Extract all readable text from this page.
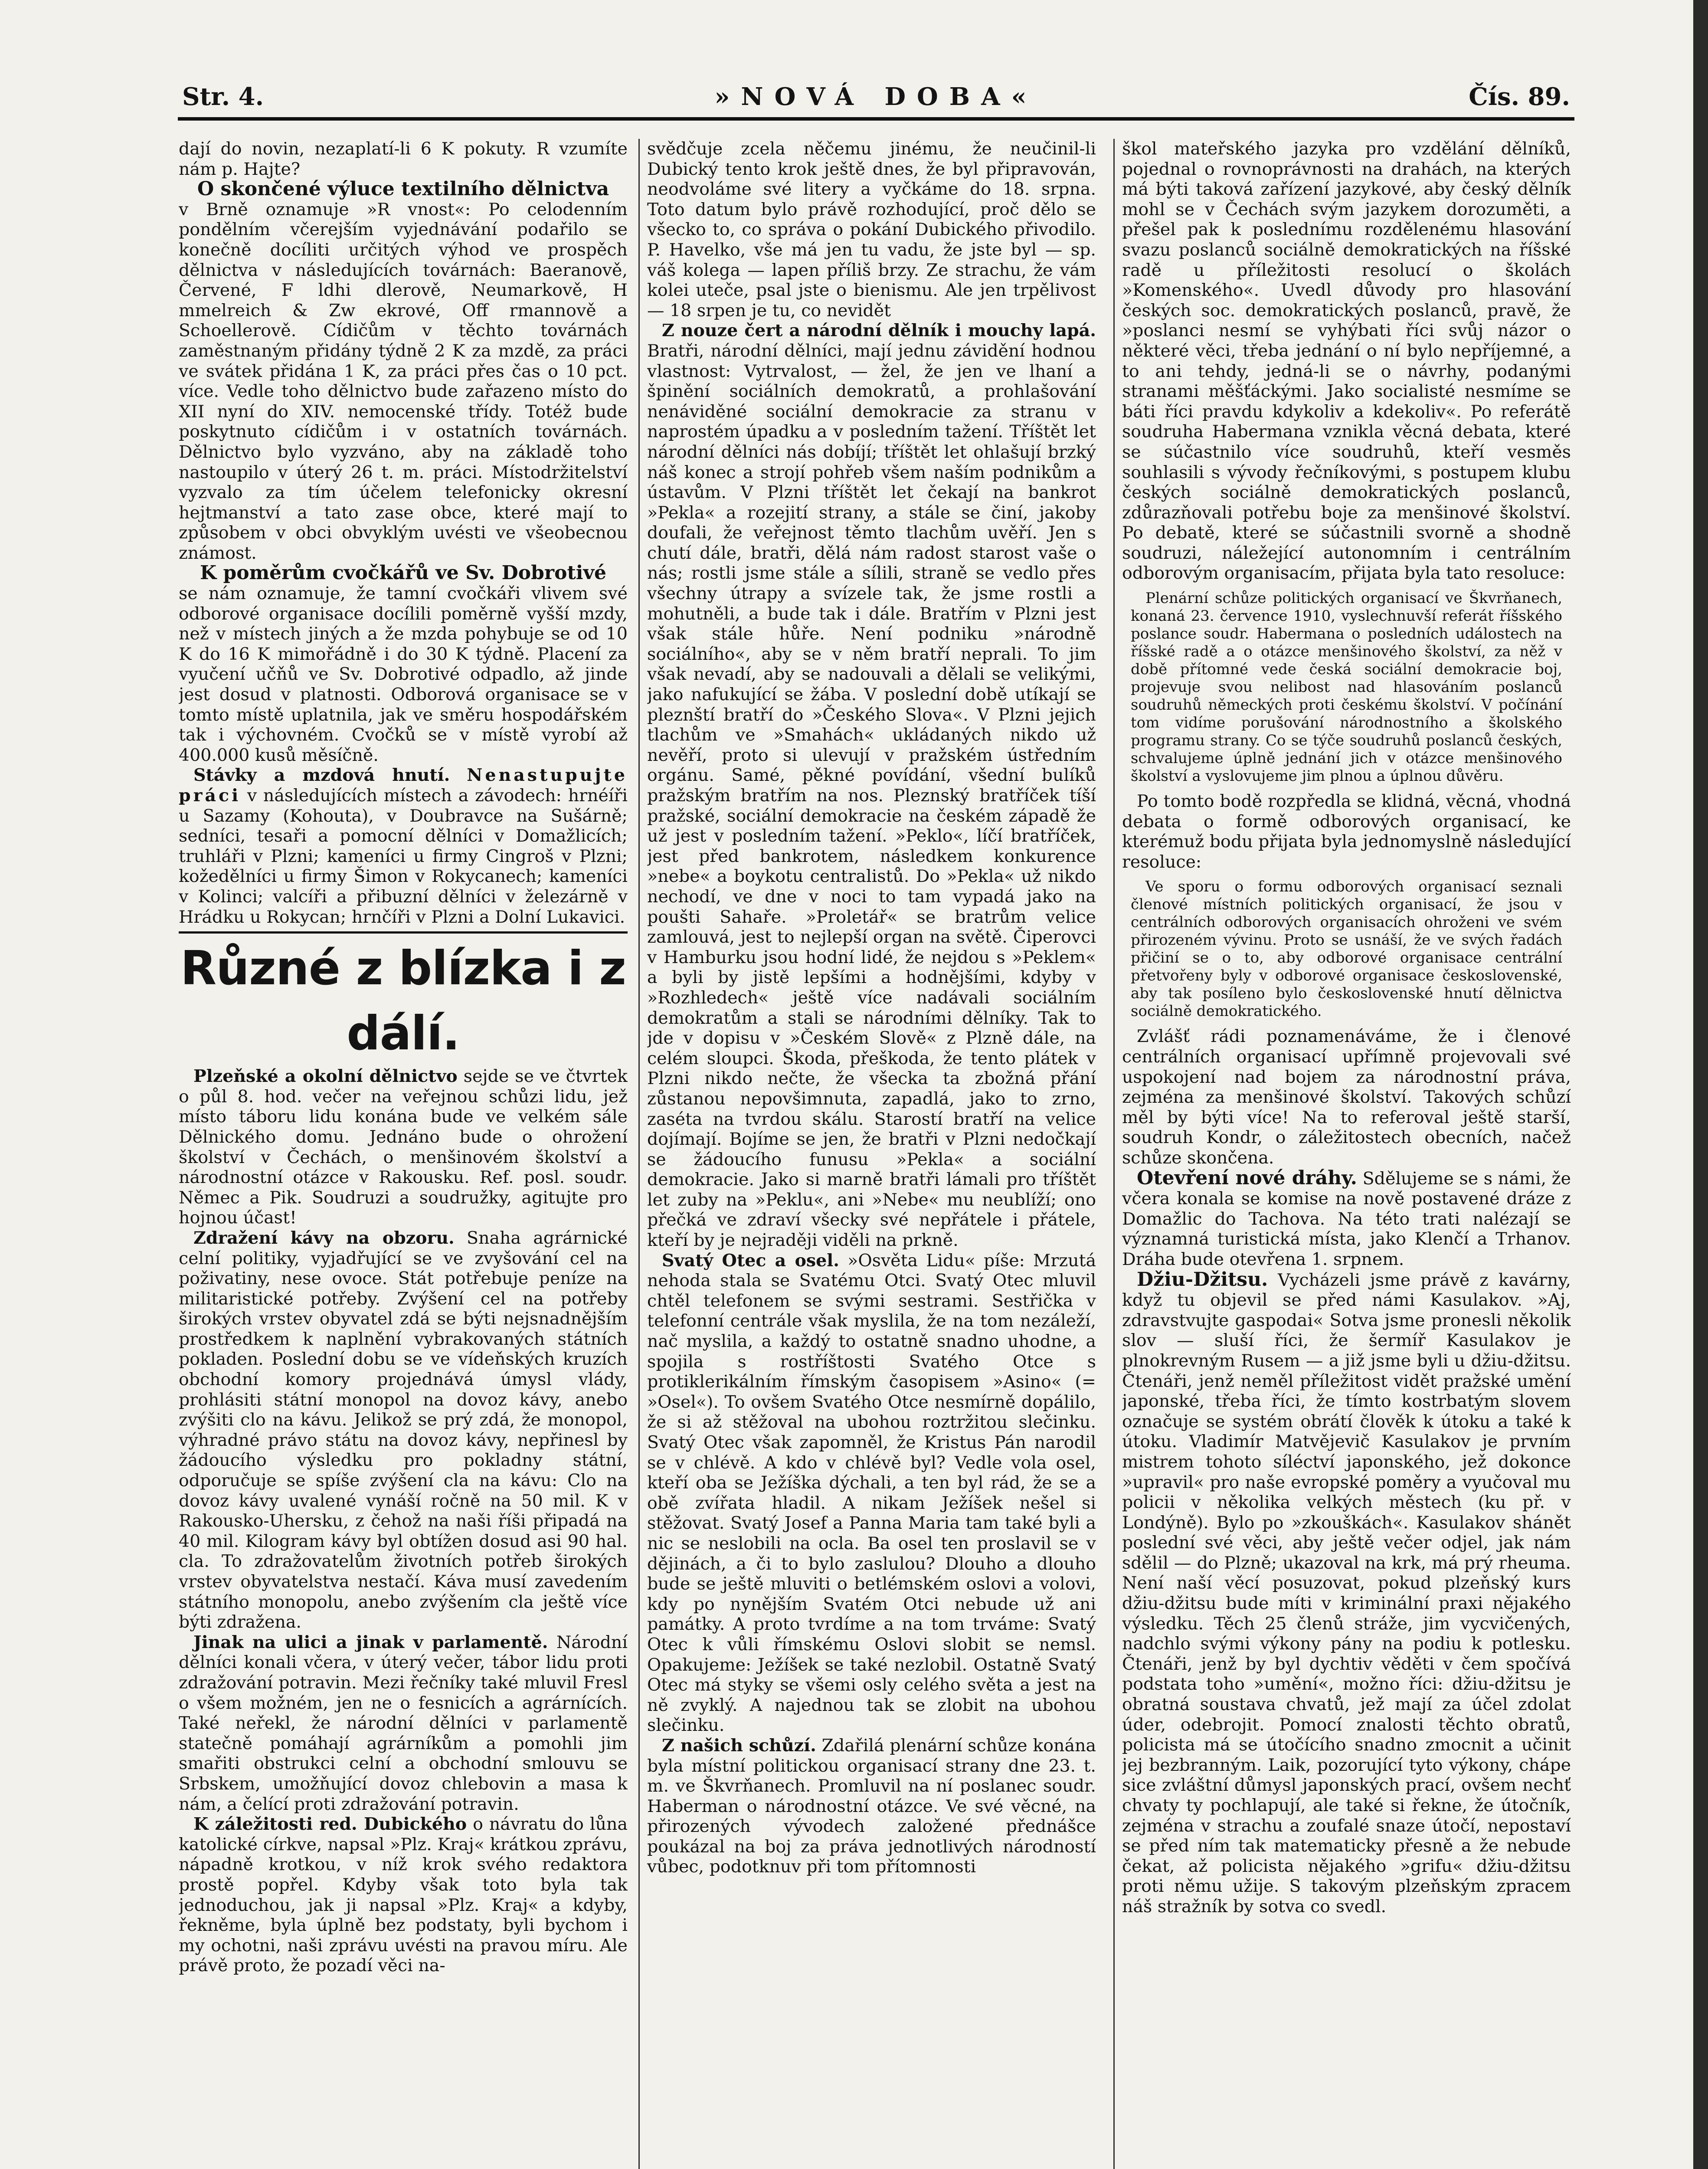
Str. 4.	»NOVÁ DOBA«	Čís. 89.

dají do novin, nezaplatí-li 6 K pokuty. R vzumíte nám p. Hajte?

O skončené výluce textilního dělnictva

v Brně oznamuje »R vnost«: Po celodenním pondělním včerejším vyjednávání podařilo se konečně docíliti určitých výhod ve prospěch dělnictva v následujících továrnách: Baeranově, Červené, F ldhi dlerově, Neumarkově, H mmelreich & Zw ekrové, Off rmannově a Schoellerově. Cídičům v těchto továrnách zaměstnaným přidány týdně 2 K za mzdě, za práci ve svátek přidána 1 K, za práci přes čas o 10 pct. více. Vedle toho dělnictvo bude zařazeno místo do XII nyní do XIV. nemocenské třídy. Totéž bude poskytnuto cídičům i v ostatních továrnách. Dělnictvo bylo vyzváno, aby na základě toho nastoupilo v úterý 26 t. m. práci. Místodržitelství vyzvalo za tím účelem telefonicky okresní hejtmanství a tato zase obce, které mají to způsobem v obci obvyklým uvésti ve všeobecnou známost.

K poměrům cvočkářů ve Sv. Dobrotivé

se nám oznamuje, že tamní cvočkáři vlivem své odborové organisace docílili poměrně vyšší mzdy, než v místech jiných a že mzda pohybuje se od 10 K do 16 K mimořádně i do 30 K týdně. Placení za vyučení učňů ve Sv. Dobrotivé odpadlo, až jinde jest dosud v platnosti. Odborová organisace se v tomto místě uplatnila, jak ve směru hospodářském tak i výchovném. Cvočků se v místě vyrobí až 400.000 kusů měsíčně.

Stávky a mzdová hnutí. Nenastupujte práci v následujících místech a závodech: hrnéíři u Sazamy (Kohouta), v Doubravce na Sušárně; sedníci, tesaři a pomocní dělníci v Domažlicích; truhláři v Plzni; kameníci u firmy Cingroš v Plzni; kožedělníci u firmy Šimon v Rokycanech; kameníci v Kolinci; valcíři a přibuzní dělníci v železárně v Hrádku u Rokycan; hrnčíři v Plzni a Dolní Lukavici.

Různé z blízka i z dálí.

Plzeňské a okolní dělnictvo sejde se ve čtvrtek o půl 8. hod. večer na veřejnou schůzi lidu, jež místo táboru lidu konána bude ve velkém sále Dělnického domu. Jednáno bude o ohrožení školství v Čechách, o menšinovém školství a národnostní otázce v Rakousku. Ref. posl. soudr. Němec a Pik. Soudruzi a soudružky, agitujte pro hojnou účast!

Zdražení kávy na obzoru. Snaha agrárnické celní politiky, vyjadřující se ve zvyšování cel na poživatiny, nese ovoce. Stát potřebuje peníze na militaristické potřeby. Zvýšení cel na potřeby širokých vrstev obyvatel zdá se býti nejsnadnějším prostředkem k naplnění vybrakovaných státních pokladen. Poslední dobu se ve vídeňských kruzích obchodní komory projednává úmysl vlády, prohlásiti státní monopol na dovoz kávy, anebo zvýšiti clo na kávu. Jelikož se prý zdá, že monopol, výhradné právo státu na dovoz kávy, nepřinesl by žádoucího výsledku pro pokladny státní, odporučuje se spíše zvýšení cla na kávu: Clo na dovoz kávy uvalené vynáší ročně na 50 mil. K v Rakousko-Uhersku, z čehož na naši říši připadá na 40 mil. Kilogram kávy byl obtížen dosud asi 90 hal. cla. To zdražovatelům životních potřeb širokých vrstev obyvatelstva nestačí. Káva musí zavedením státního monopolu, anebo zvýšením cla ještě více býti zdražena.

Jinak na ulici a jinak v parlamentě. Národní dělníci konali včera, v úterý večer, tábor lidu proti zdražování potravin. Mezi řečníky také mluvil Fresl o všem možném, jen ne o fesnicích a agrárnících. Také neřekl, že národní dělníci v parlamentě statečně pomáhají agrárníkům a pomohli jim smařiti obstrukci celní a obchodní smlouvu se Srbskem, umožňující dovoz chlebovin a masa k nám, a čelící proti zdražování potravin.

K záležitosti red. Dubického o návratu do lůna katolické církve, napsal »Plz. Kraj« krátkou zprávu, nápadně krotkou, v níž krok svého redaktora prostě popřel. Kdyby však toto byla tak jednoduchou, jak ji napsal »Plz. Kraj« a kdyby, řekněme, byla úplně bez podstaty, byli bychom i my ochotni, naši zprávu uvésti na pravou míru. Ale právě proto, že pozadí věci na-

svědčuje zcela něčemu jinému, že neučinil-li Dubický tento krok ještě dnes, že byl připravován, neodvoláme své litery a vyčkáme do 18. srpna. Toto datum bylo právě rozhodující, proč dělo se všecko to, co správa o pokání Dubického přivodilo. P. Havelko, vše má jen tu vadu, že jste byl — sp. váš kolega — lapen příliš brzy. Ze strachu, že vám kolei uteče, psal jste o bienismu. Ale jen trpělivost — 18 srpen je tu, co nevidět

Z nouze čert a národní dělník i mouchy lapá. Bratři, národní dělníci, mají jednu závidění hodnou vlastnost: Vytrvalost, — žel, že jen ve lhaní a špinění sociálních demokratů, a prohlašování nenáviděné sociální demokracie za stranu v naprostém úpadku a v posledním tažení. Tříštět let národní dělníci nás dobíjí; tříštět let ohlašují brzký náš konec a strojí pohřeb všem naším podnikům a ústavům. V Plzni tříštět let čekají na bankrot »Pekla« a rozejití strany, a stále se činí, jakoby doufali, že veřejnost těmto tlachům uvěří. Jen s chutí dále, bratři, dělá nám radost starost vaše o nás; rostli jsme stále a sílili, straně se vedlo přes všechny útrapy a svízele tak, že jsme rostli a mohutněli, a bude tak i dále. Bratřím v Plzni jest však stále hůře. Není podniku »národně sociálního«, aby se v něm bratří neprali. To jim však nevadí, aby se nadouvali a dělali se velikými, jako nafukující se žába. V poslední době utíkají se pleznští bratří do »Českého Slova«. V Plzni jejich tlachům ve »Smahách« ukládaných nikdo už nevěří, proto si ulevují v pražském ústředním orgánu. Samé, pěkné povídání, všední bulíků pražským bratřím na nos. Pleznský bratříček tíší pražské, sociální demokracie na českém západě že už jest v posledním tažení. »Peklo«, líčí bratříček, jest před bankrotem, následkem konkurence »nebe« a boykotu centralistů. Do »Pekla« už nikdo nechodí, ve dne v noci to tam vypadá jako na poušti Sahaře. »Proletář« se bratrům velice zamlouvá, jest to nejlepší organ na světě. Čiperovci v Hamburku jsou hodní lidé, že nejdou s »Peklem« a byli by jistě lepšími a hodnějšími, kdyby v »Rozhledech« ještě více nadávali sociálním demokratům a stali se národními dělníky. Tak to jde v dopisu v »Českém Slově« z Plzně dále, na celém sloupci. Škoda, přeškoda, že tento plátek v Plzni nikdo nečte, že všecka ta zbožná přání zůstanou nepovšimnuta, zapadlá, jako to zrno, zaséta na tvrdou skálu. Starostí bratří na velice dojímají. Bojíme se jen, že bratři v Plzni nedočkají se žádoucího funusu »Pekla« a sociální demokracie. Jako si marně bratři lámali pro tříštět let zuby na »Peklu«, ani »Nebe« mu neublíží; ono přečká ve zdraví všecky své nepřátele i přátele, kteří by je nejraději viděli na prkně.

Svatý Otec a osel. »Osvěta Lidu« píše: Mrzutá nehoda stala se Svatému Otci. Svatý Otec mluvil chtěl telefonem se svými sestrami. Sestřička v telefonní centrále však myslila, že na tom nezáleží, nač myslila, a každý to ostatně snadno uhodne, a spojila s rostříštosti Svatého Otce s protiklerikálním římským časopisem »Asino« (= »Osel«). To ovšem Svatého Otce nesmírně dopálilo, že si až stěžoval na ubohou roztržitou slečinku. Svatý Otec však zapomněl, že Kristus Pán narodil se v chlévě. A kdo v chlévě byl? Vedle vola osel, kteří oba se Ježíška dýchali, a ten byl rád, že se a obě zvířata hladil. A nikam Ježíšek nešel si stěžovat. Svatý Josef a Panna Maria tam také byli a nic se neslobili na ocla. Ba osel ten proslavil se v dějinách, a či to bylo zaslulou? Dlouho a dlouho bude se ještě mluviti o betlémském oslovi a volovi, kdy po nynějším Svatém Otci nebude už ani památky. A proto tvrdíme a na tom trváme: Svatý Otec k vůli římskému Oslovi slobit se nemsl. Opakujeme: Ježíšek se také nezlobil. Ostatně Svatý Otec má styky se všemi osly celého světa a jest na ně zvyklý. A najednou tak se zlobit na ubohou slečinku.

Z našich schůzí. Zdařilá plenární schůze konána byla místní politickou organisací strany dne 23. t. m. ve Škvrňanech. Promluvil na ní poslanec soudr. Haberman o národnostní otázce. Ve své věcné, na přirozených vývodech založené přednášce poukázal na boj za práva jednotlivých národností vůbec, podotknuv při tom přítomnosti

škol mateřského jazyka pro vzdělání dělníků, pojednal o rovnoprávnosti na drahách, na kterých má býti taková zařízení jazykové, aby český dělník mohl se v Čechách svým jazykem dorozuměti, a přešel pak k poslednímu rozdělenému hlasování svazu poslanců sociálně demokratických na říšské radě u příležitosti resolucí o školách »Komenského«. Uvedl důvody pro hlasování českých soc. demokratických poslanců, pravě, že »poslanci nesmí se vyhýbati říci svůj názor o některé věci, třeba jednání o ní bylo nepříjemné, a to ani tehdy, jedná-li se o návrhy, podanými stranami měšťáckými. Jako socialisté nesmíme se báti říci pravdu kdykoliv a kdekoliv«. Po referátě soudruha Habermana vznikla věcná debata, které se súčastnilo více soudruhů, kteří vesměs souhlasili s vývody řečníkovými, s postupem klubu českých sociálně demokratických poslanců, zdůrazňovali potřebu boje za menšinové školství. Po debatě, které se súčastnili svorně a shodně soudruzi, náležející autonomním i centrálním odborovým organisacím, přijata byla tato resoluce:

Plenární schůze politických organisací ve Škvrňanech, konaná 23. července 1910, vyslechnuvší referát říšského poslance soudr. Habermana o posledních událostech na říšské radě a o otázce menšinového školství, za něž v době přítomné vede česká sociální demokracie boj, projevuje svou nelibost nad hlasováním poslanců soudruhů německých proti českému školství. V počínání tom vidíme porušování národnostního a školského programu strany. Co se týče soudruhů poslanců českých, schvalujeme úplně jednání jich v otázce menšinového školství a vyslovujeme jim plnou a úplnou důvěru.

Po tomto bodě rozpředla se klidná, věcná, vhodná debata o formě odborových organisací, ke kterémuž bodu přijata byla jednomyslně následující resoluce:

Ve sporu o formu odborových organisací seznali členové místních politických organisací, že jsou v centrálních odborových organisacích ohroženi ve svém přirozeném vývinu. Proto se usnáší, že ve svých řadách přičiní se o to, aby odborové organisace centrální přetvořeny byly v odborové organisace československé, aby tak posíleno bylo československé hnutí dělnictva sociálně demokratického.

Zvlášť rádi poznamenáváme, že i členové centrálních organisací upřímně projevovali své uspokojení nad bojem za národnostní práva, zejména za menšinové školství. Takových schůzí měl by býti více! Na to referoval ještě starší, soudruh Kondr, o záležitostech obecních, načež schůze skončena.

Otevření nové dráhy. Sdělujeme se s námi, že včera konala se komise na nově postavené dráze z Domažlic do Tachova. Na této trati nalézají se významná turistická místa, jako Klenčí a Trhanov. Dráha bude otevřena 1. srpnem.

Džiu-Džitsu. Vycházeli jsme právě z kavárny, když tu objevil se před námi Kasulakov. »Aj, zdravstvujte gaspodai« Sotva jsme pronesli několik slov — sluší říci, že šermíř Kasulakov je plnokrevným Rusem — a již jsme byli u džiu-džitsu. Čtenáři, jenž neměl příležitost vidět pražské umění japonské, třeba říci, že tímto kostrbatým slovem označuje se systém obrátí člověk k útoku a také k útoku. Vladimír Matvějevič Kasulakov je prvním mistrem tohoto síléctví japonského, jež dokonce »upravil« pro naše evropské poměry a vyučoval mu policii v několika velkých městech (ku př. v Londýně). Bylo po »zkouškách«. Kasulakov shánět poslední své věci, aby ještě večer odjel, jak nám sdělil — do Plzně; ukazoval na krk, má prý rheuma. Není naší věcí posuzovat, pokud plzeňský kurs džiu-džitsu bude míti v kriminální praxi nějakého výsledku. Těch 25 členů stráže, jim vycvičených, nadchlo svými výkony pány na podiu k potlesku. Čtenáři, jenž by byl dychtiv věděti v čem spočívá podstata toho »umění«, možno říci: džiu-džitsu je obratná soustava chvatů, jež mají za účel zdolat úder, odebrojit. Pomocí znalosti těchto obratů, policista má se útočícího snadno zmocnit a učinit jej bezbranným. Laik, pozorující tyto výkony, chápe sice zvláštní důmysl japonských prací, ovšem nechť chvaty ty pochlapují, ale také si řekne, že útočník, zejména v strachu a zoufalé snaze útočí, nepostaví se před ním tak matematicky přesně a že nebude čekat, až policista nějakého »grifu« džiu-džitsu proti němu užije. S takovým plzeňským zpracem náš stražník by sotva co svedl.
